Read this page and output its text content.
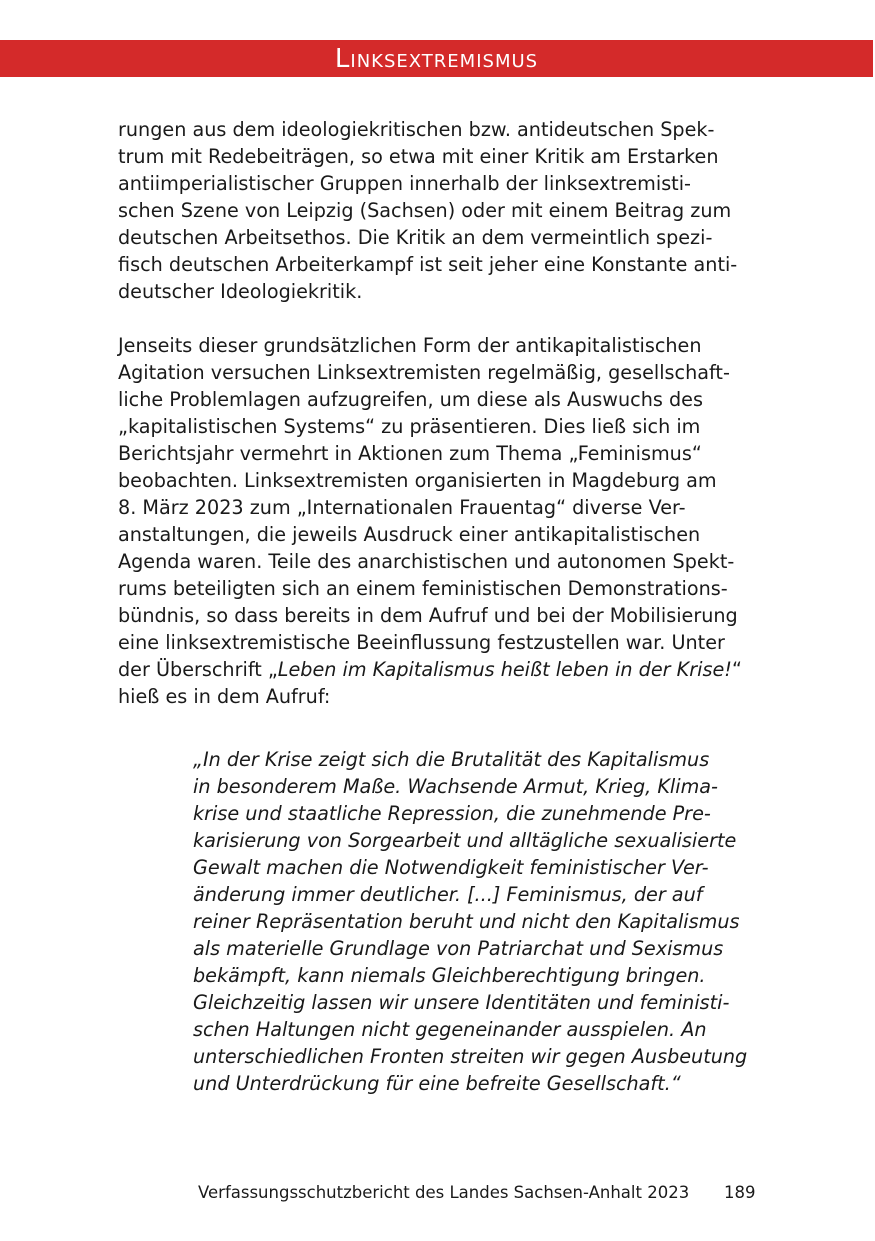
Linksextremismus

rungen aus dem ideologiekritischen bzw. antideutschen Spek-
trum mit Redebeiträgen, so etwa mit einer Kritik am Erstarken
antiimperialistischer Gruppen innerhalb der linksextremisti-
schen Szene von Leipzig (Sachsen) oder mit einem Beitrag zum
deutschen Arbeitsethos. Die Kritik an dem vermeintlich spezi-
fisch deutschen Arbeiterkampf ist seit jeher eine Konstante anti-
deutscher Ideologiekritik.

Jenseits dieser grundsätzlichen Form der antikapitalistischen
Agitation versuchen Linksextremisten regelmäßig, gesellschaft-
liche Problemlagen aufzugreifen, um diese als Auswuchs des
„kapitalistischen Systems“ zu präsentieren. Dies ließ sich im
Berichtsjahr vermehrt in Aktionen zum Thema „Feminismus“
beobachten. Linksextremisten organisierten in Magdeburg am
8. März 2023 zum „Internationalen Frauentag“ diverse Ver-
anstaltungen, die jeweils Ausdruck einer antikapitalistischen
Agenda waren. Teile des anarchistischen und autonomen Spekt-
rums beteiligten sich an einem feministischen Demonstrations-
bündnis, so dass bereits in dem Aufruf und bei der Mobilisierung
eine linksextremistische Beeinflussung festzustellen war. Unter
der Überschrift „Leben im Kapitalismus heißt leben in der Krise!“
hieß es in dem Aufruf:

„In der Krise zeigt sich die Brutalität des Kapitalismus
in besonderem Maße. Wachsende Armut, Krieg, Klima-
krise und staatliche Repression, die zunehmende Pre-
karisierung von Sorgearbeit und alltägliche sexualisierte
Gewalt machen die Notwendigkeit feministischer Ver-
änderung immer deutlicher. [...] Feminismus, der auf
reiner Repräsentation beruht und nicht den Kapitalismus
als materielle Grundlage von Patriarchat und Sexismus
bekämpft, kann niemals Gleichberechtigung bringen.
Gleichzeitig lassen wir unsere Identitäten und feministi-
schen Haltungen nicht gegeneinander ausspielen. An
unterschiedlichen Fronten streiten wir gegen Ausbeutung
und Unterdrückung für eine befreite Gesellschaft.“
Verfassungsschutzbericht des Landes Sachsen-Anhalt 2023 189
